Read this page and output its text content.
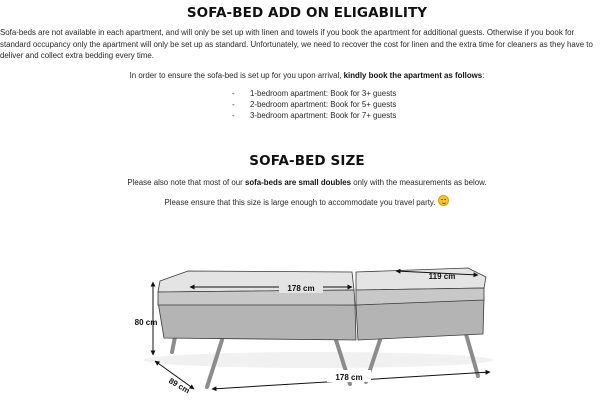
SOFA-BED ADD ON ELIGABILITY
Sofa-beds are not available in each apartment, and will only be set up with linen and towels if you book the apartment for additional guests. Otherwise if you book for
standard occupancy only the apartment will only be set up as standard. Unfortunately, we need to recover the cost for linen and the extra time for cleaners as they have to
deliver and collect extra bedding every time.
In order to ensure the sofa-bed is set up for you upon arrival, kindly book the apartment as follows:
- 1-bedroom apartment: Book for 3+ guests
- 2-bedroom apartment: Book for 5+ guests
- 3-bedroom apartment: Book for 7+ guests
SOFA-BED SIZE
Please also note that most of our sofa-beds are small doubles only with the measurements as below.
Please ensure that this size is large enough to accommodate you travel party.
178 cm
119 cm
80 cm
89 cm	178 cm
